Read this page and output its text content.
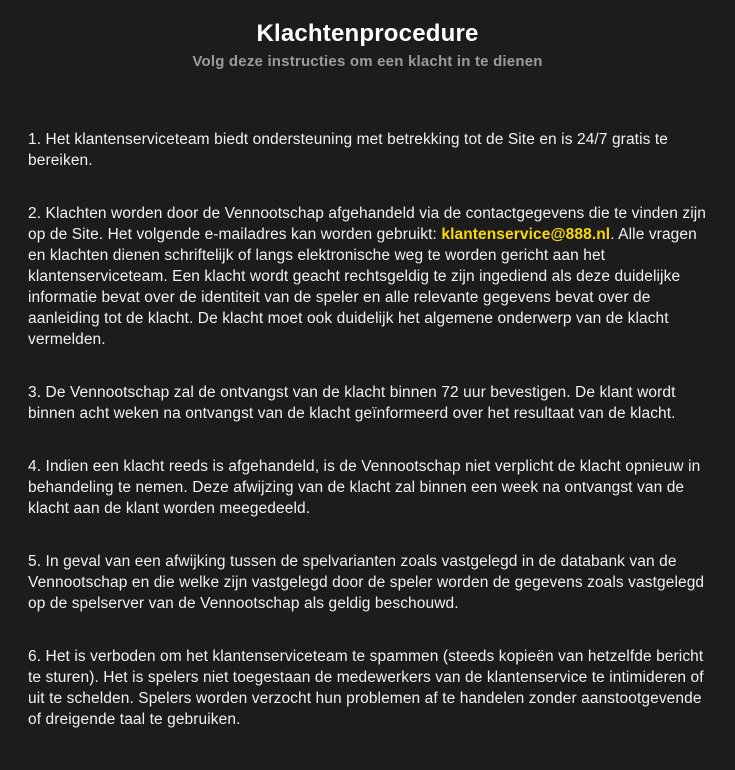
Klachtenprocedure

Volg deze instructies om een klacht in te dienen

1. Het klantenserviceteam biedt ondersteuning met betrekking tot de Site en is 24/7 gratis te bereiken.

2. Klachten worden door de Vennootschap afgehandeld via de contactgegevens die te vinden zijn op de Site. Het volgende e-mailadres kan worden gebruikt: klantenservice@888.nl. Alle vragen en klachten dienen schriftelijk of langs elektronische weg te worden gericht aan het klantenserviceteam. Een klacht wordt geacht rechtsgeldig te zijn ingediend als deze duidelijke informatie bevat over de identiteit van de speler en alle relevante gegevens bevat over de aanleiding tot de klacht. De klacht moet ook duidelijk het algemene onderwerp van de klacht vermelden.

3. De Vennootschap zal de ontvangst van de klacht binnen 72 uur bevestigen. De klant wordt binnen acht weken na ontvangst van de klacht geïnformeerd over het resultaat van de klacht.

4. Indien een klacht reeds is afgehandeld, is de Vennootschap niet verplicht de klacht opnieuw in behandeling te nemen. Deze afwijzing van de klacht zal binnen een week na ontvangst van de klacht aan de klant worden meegedeeld.

5. In geval van een afwijking tussen de spelvarianten zoals vastgelegd in de databank van de Vennootschap en die welke zijn vastgelegd door de speler worden de gegevens zoals vastgelegd op de spelserver van de Vennootschap als geldig beschouwd.

6. Het is verboden om het klantenserviceteam te spammen (steeds kopieën van hetzelfde bericht te sturen). Het is spelers niet toegestaan de medewerkers van de klantenservice te intimideren of uit te schelden. Spelers worden verzocht hun problemen af te handelen zonder aanstootgevende of dreigende taal te gebruiken.
